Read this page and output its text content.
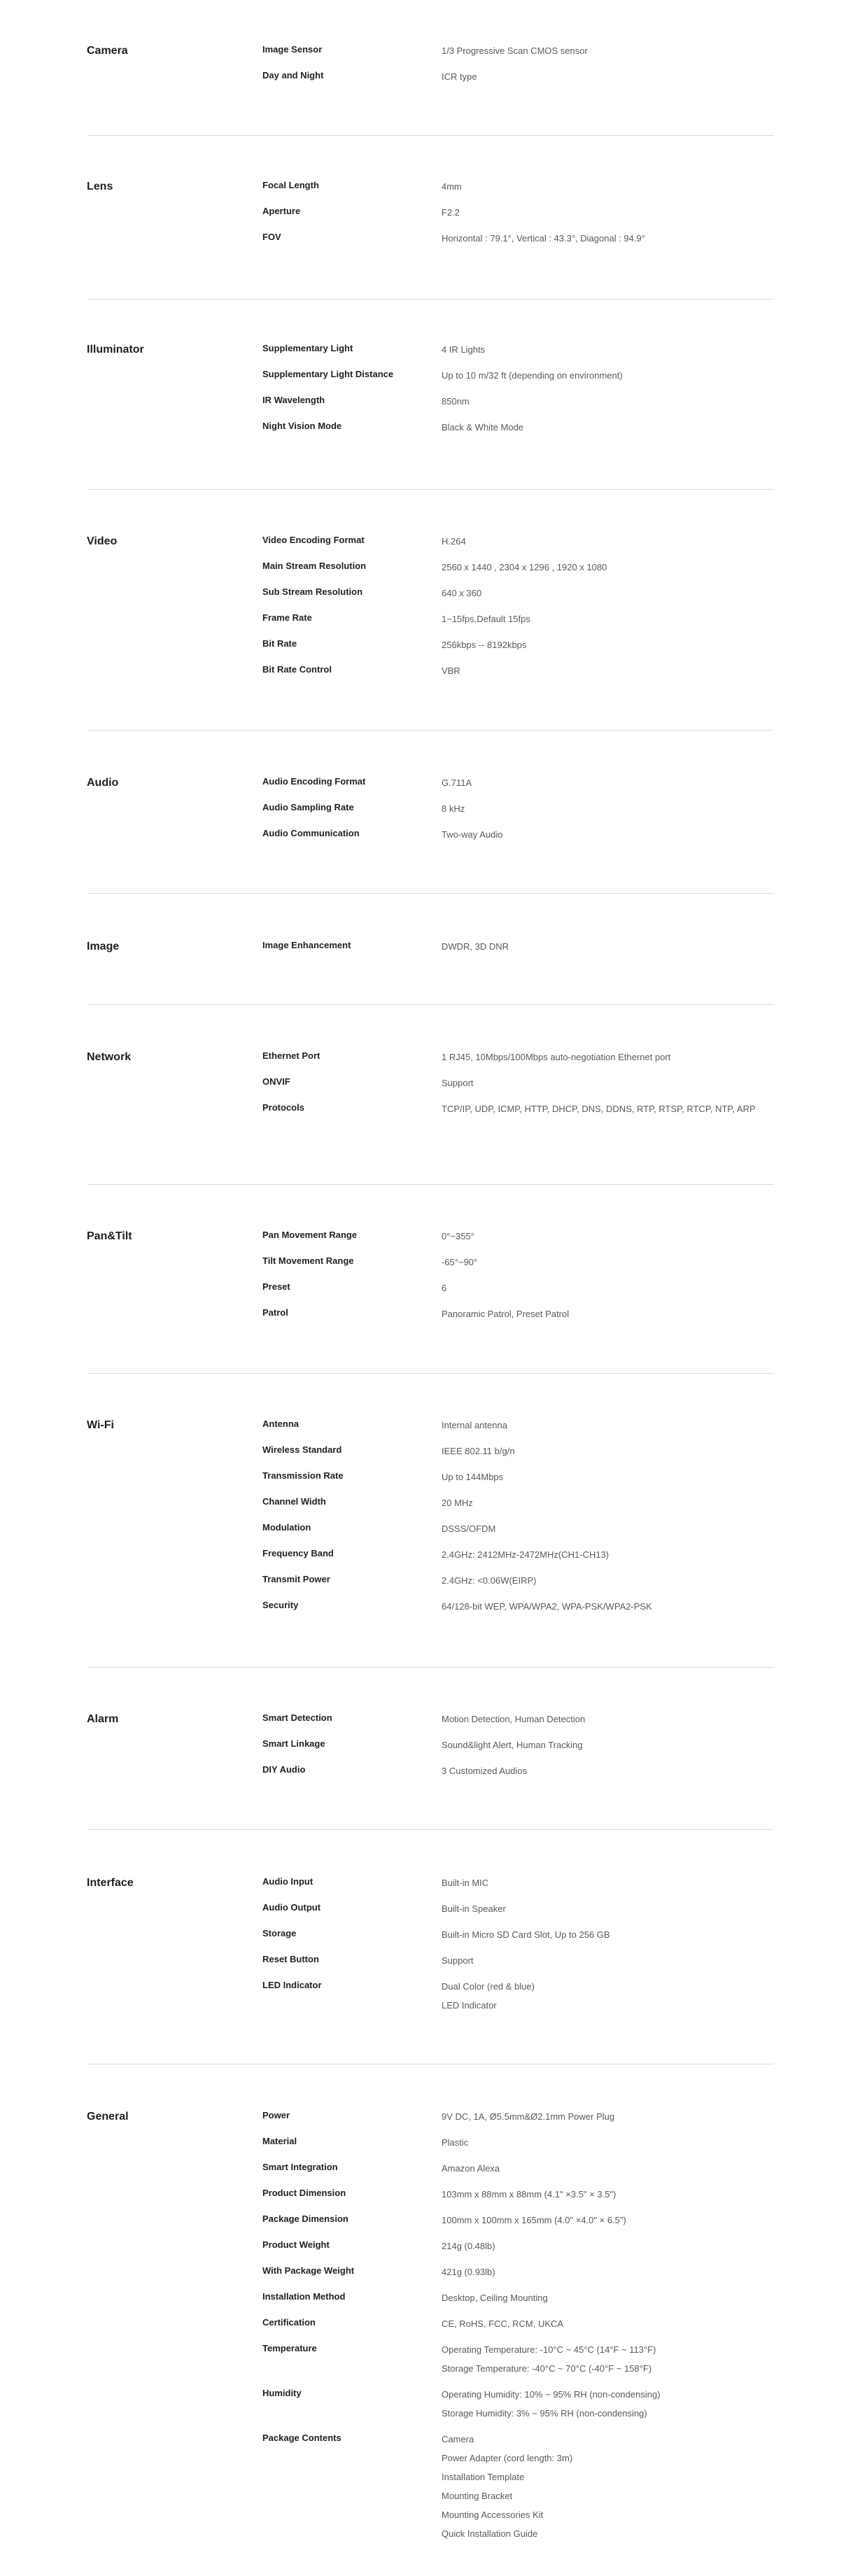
Camera	Image Sensor	1/3 Progressive Scan CMOS sensor
Day and Night	ICR type
Lens	Focal Length	4mm
Aperture	F2.2
FOV	Horizontal : 79.1°, Vertical : 43.3°, Diagonal : 94.9°
Illuminator	Supplementary Light	4 IR Lights
Supplementary Light Distance	Up to 10 m/32 ft (depending on environment)
IR Wavelength	850nm
Night Vision Mode	Black & White Mode
Video	Video Encoding Format	H.264
Main Stream Resolution	2560 x 1440 , 2304 x 1296 , 1920 x 1080
Sub Stream Resolution	640 x 360
Frame Rate	1~15fps,Default 15fps
Bit Rate	256kbps -- 8192kbps
Bit Rate Control	VBR
Audio	Audio Encoding Format	G.711A
Audio Sampling Rate	8 kHz
Audio Communication	Two-way Audio
Image	Image Enhancement	DWDR, 3D DNR
Network	Ethernet Port	1 RJ45, 10Mbps/100Mbps auto-negotiation Ethernet port
ONVIF	Support
Protocols	TCP/IP, UDP, ICMP, HTTP, DHCP, DNS, DDNS, RTP, RTSP, RTCP, NTP, ARP
Pan&Tilt	Pan Movement Range	0°~355°
Tilt Movement Range	-65°~90°
Preset	6
Patrol	Panoramic Patrol, Preset Patrol
Wi-Fi	Antenna	Internal antenna
Wireless Standard	IEEE 802.11 b/g/n
Transmission Rate	Up to 144Mbps
Channel Width	20 MHz
Modulation	DSSS/OFDM
Frequency Band	2.4GHz: 2412MHz-2472MHz(CH1-CH13)
Transmit Power	2.4GHz: <0.06W(EIRP)
Security	64/128-bit WEP, WPA/WPA2, WPA-PSK/WPA2-PSK
Alarm	Smart Detection	Motion Detection, Human Detection
Smart Linkage	Sound&light Alert, Human Tracking
DIY Audio	3 Customized Audios
Interface	Audio Input	Built-in MIC
Audio Output	Built-in Speaker
Storage	Built-in Micro SD Card Slot, Up to 256 GB
Reset Button	Support
LED Indicator	Dual Color (red & blue)
LED Indicator
General	Power	9V DC, 1A, Ø5.5mm&Ø2.1mm Power Plug
Material	Plastic
Smart Integration	Amazon Alexa
Product Dimension	103mm x 88mm x 88mm (4.1" ×3.5" × 3.5")
Package Dimension	100mm x 100mm x 165mm (4.0" ×4.0" × 6.5")
Product Weight	214g (0.48lb)
With Package Weight	421g (0.93lb)
Installation Method	Desktop, Ceiling Mounting
Certification	CE, RoHS, FCC, RCM, UKCA
Temperature	Operating Temperature: -10°C ~ 45°C (14°F ~ 113°F)
Storage Temperature: -40°C ~ 70°C (-40°F ~ 158°F)
Humidity	Operating Humidity: 10% ~ 95% RH (non-condensing)
Storage Humidity: 3% ~ 95% RH (non-condensing)
Package Contents	Camera
Power Adapter (cord length: 3m)
Installation Template
Mounting Bracket
Mounting Accessories Kit
Quick Installation Guide
